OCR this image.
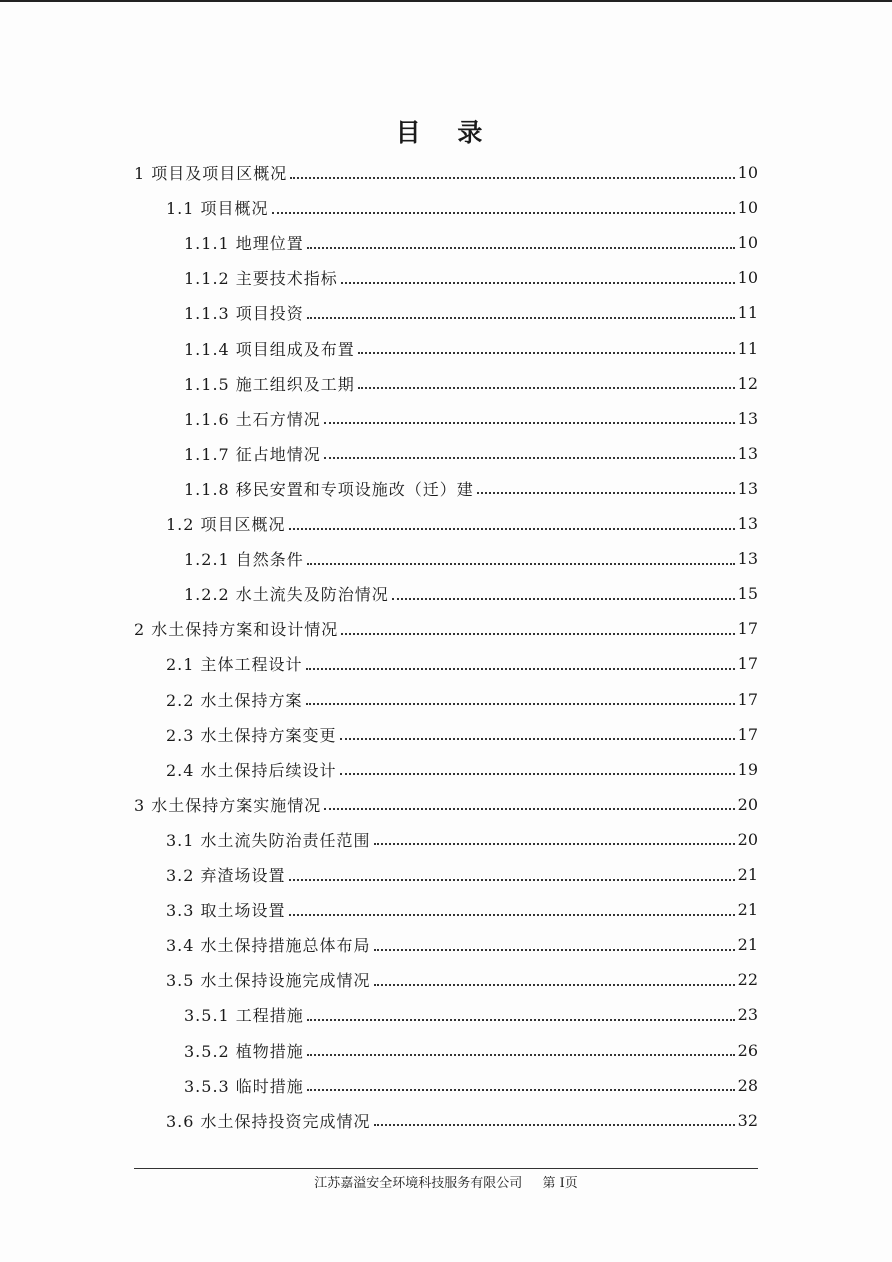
目 录
1 项目及项目区概况	10
1.1 项目概况	10
1.1.1 地理位置	10
1.1.2 主要技术指标	10
1.1.3 项目投资	11
1.1.4 项目组成及布置	11
1.1.5 施工组织及工期	12
1.1.6 土石方情况	13
1.1.7 征占地情况	13
1.1.8 移民安置和专项设施改（迁）建	13
1.2 项目区概况	13
1.2.1 自然条件	13
1.2.2 水土流失及防治情况	15
2 水土保持方案和设计情况	17
2.1 主体工程设计	17
2.2 水土保持方案	17
2.3 水土保持方案变更	17
2.4 水土保持后续设计	19
3 水土保持方案实施情况	20
3.1 水土流失防治责任范围	20
3.2 弃渣场设置	21
3.3 取土场设置	21
3.4 水土保持措施总体布局	21
3.5 水土保持设施完成情况	22
3.5.1 工程措施	23
3.5.2 植物措施	26
3.5.3 临时措施	28
3.6 水土保持投资完成情况	32
江苏嘉溢安全环境科技服务有限公司 第 I页
